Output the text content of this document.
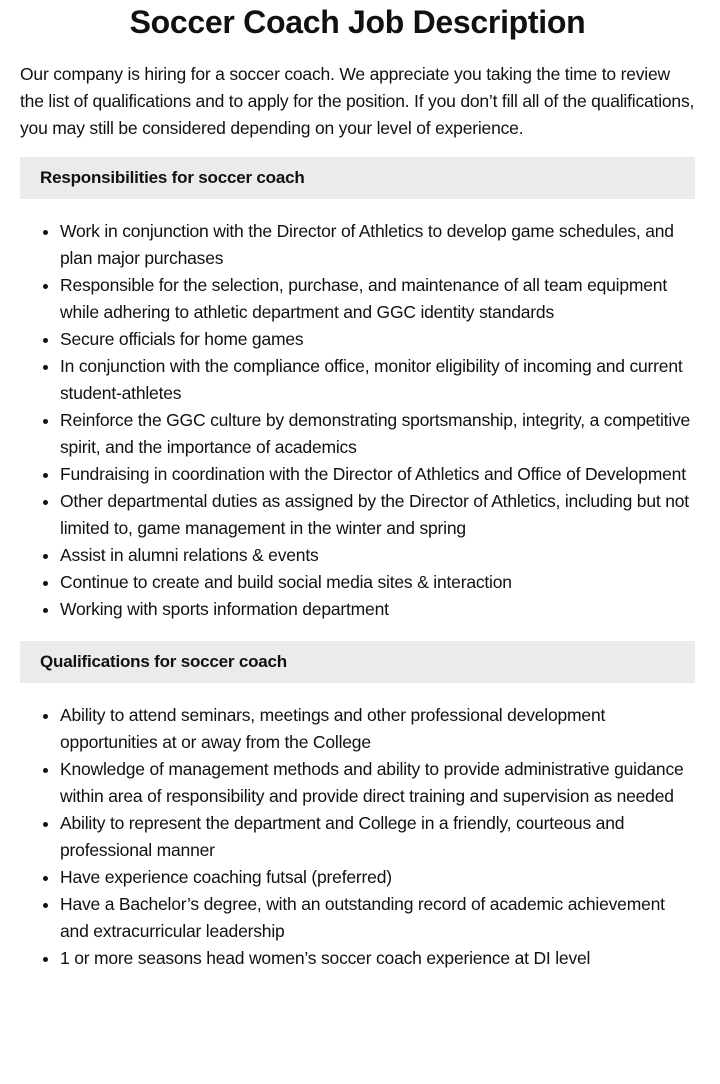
Soccer Coach Job Description

Our company is hiring for a soccer coach. We appreciate you taking the time to review the list of qualifications and to apply for the position. If you don’t fill all of the qualifications, you may still be considered depending on your level of experience.

Responsibilities for soccer coach
• Work in conjunction with the Director of Athletics to develop game schedules, and plan major purchases
• Responsible for the selection, purchase, and maintenance of all team equipment while adhering to athletic department and GGC identity standards
• Secure officials for home games
• In conjunction with the compliance office, monitor eligibility of incoming and current student-athletes
• Reinforce the GGC culture by demonstrating sportsmanship, integrity, a competitive spirit, and the importance of academics
• Fundraising in coordination with the Director of Athletics and Office of Development
• Other departmental duties as assigned by the Director of Athletics, including but not limited to, game management in the winter and spring
• Assist in alumni relations & events
• Continue to create and build social media sites & interaction
• Working with sports information department
Qualifications for soccer coach
• Ability to attend seminars, meetings and other professional development opportunities at or away from the College
• Knowledge of management methods and ability to provide administrative guidance within area of responsibility and provide direct training and supervision as needed
• Ability to represent the department and College in a friendly, courteous and professional manner
• Have experience coaching futsal (preferred)
• Have a Bachelor’s degree, with an outstanding record of academic achievement and extracurricular leadership
• 1 or more seasons head women’s soccer coach experience at DI level
